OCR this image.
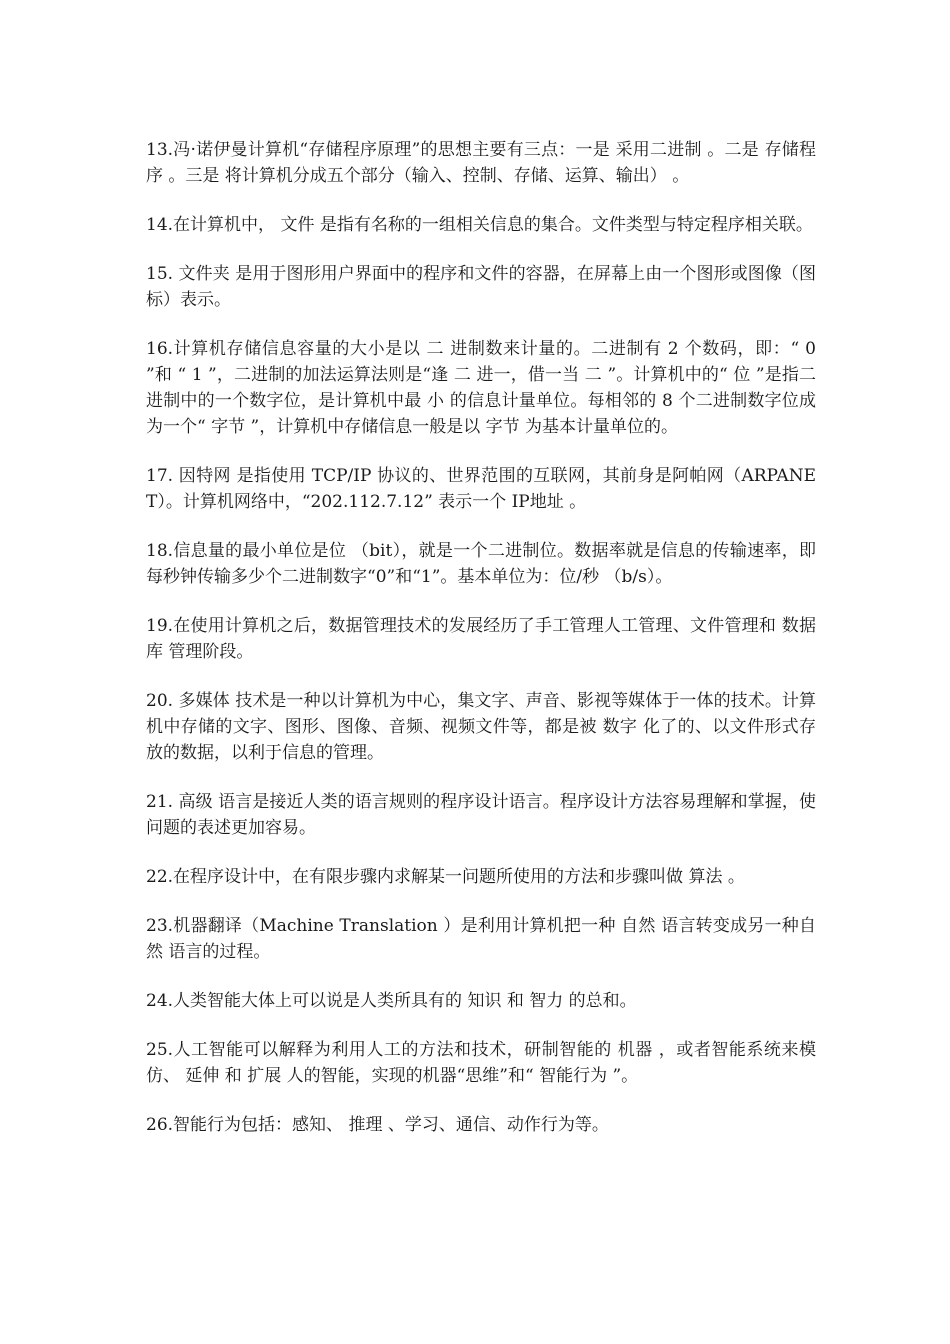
13.冯·诺伊曼计算机“存储程序原理”的思想主要有三点：一是 采用二进制 。二是 存储程序 。三是 将计算机分成五个部分（输入、控制、存储、运算、输出） 。

14.在计算机中， 文件 是指有名称的一组相关信息的集合。文件类型与特定程序相关联。

15. 文件夹 是用于图形用户界面中的程序和文件的容器，在屏幕上由一个图形或图像（图标）表示。

16.计算机存储信息容量的大小是以 二 进制数来计量的。二进制有 2 个数码，即：“ 0 ”和 “ 1 ”，二进制的加法运算法则是“逢 二 进一，借一当 二 ”。计算机中的“ 位 ”是指二进制中的一个数字位，是计算机中最 小 的信息计量单位。每相邻的 8 个二进制数字位成为一个“ 字节 ”，计算机中存储信息一般是以 字节 为基本计量单位的。

17. 因特网 是指使用 TCP/IP 协议的、世界范围的互联网，其前身是阿帕网（ARPANET）。计算机网络中，“202.112.7.12” 表示一个 IP地址 。

18.信息量的最小单位是位 （bit），就是一个二进制位。数据率就是信息的传输速率，即每秒钟传输多少个二进制数字“0”和“1”。基本单位为：位/秒 （b/s）。

19.在使用计算机之后，数据管理技术的发展经历了手工管理人工管理、文件管理和 数据库 管理阶段。

20. 多媒体 技术是一种以计算机为中心，集文字、声音、影视等媒体于一体的技术。计算机中存储的文字、图形、图像、音频、视频文件等，都是被 数字 化了的、以文件形式存放的数据，以利于信息的管理。

21. 高级 语言是接近人类的语言规则的程序设计语言。程序设计方法容易理解和掌握，使问题的表述更加容易。

22.在程序设计中，在有限步骤内求解某一问题所使用的方法和步骤叫做 算法 。

23.机器翻译（Machine Translation ）是利用计算机把一种 自然 语言转变成另一种自然 语言的过程。

24.人类智能大体上可以说是人类所具有的 知识 和 智力 的总和。

25.人工智能可以解释为利用人工的方法和技术，研制智能的 机器 ，或者智能系统来模仿、 延伸 和 扩展 人的智能，实现的机器“思维”和“ 智能行为 ”。

26.智能行为包括：感知、 推理 、学习、通信、动作行为等。
